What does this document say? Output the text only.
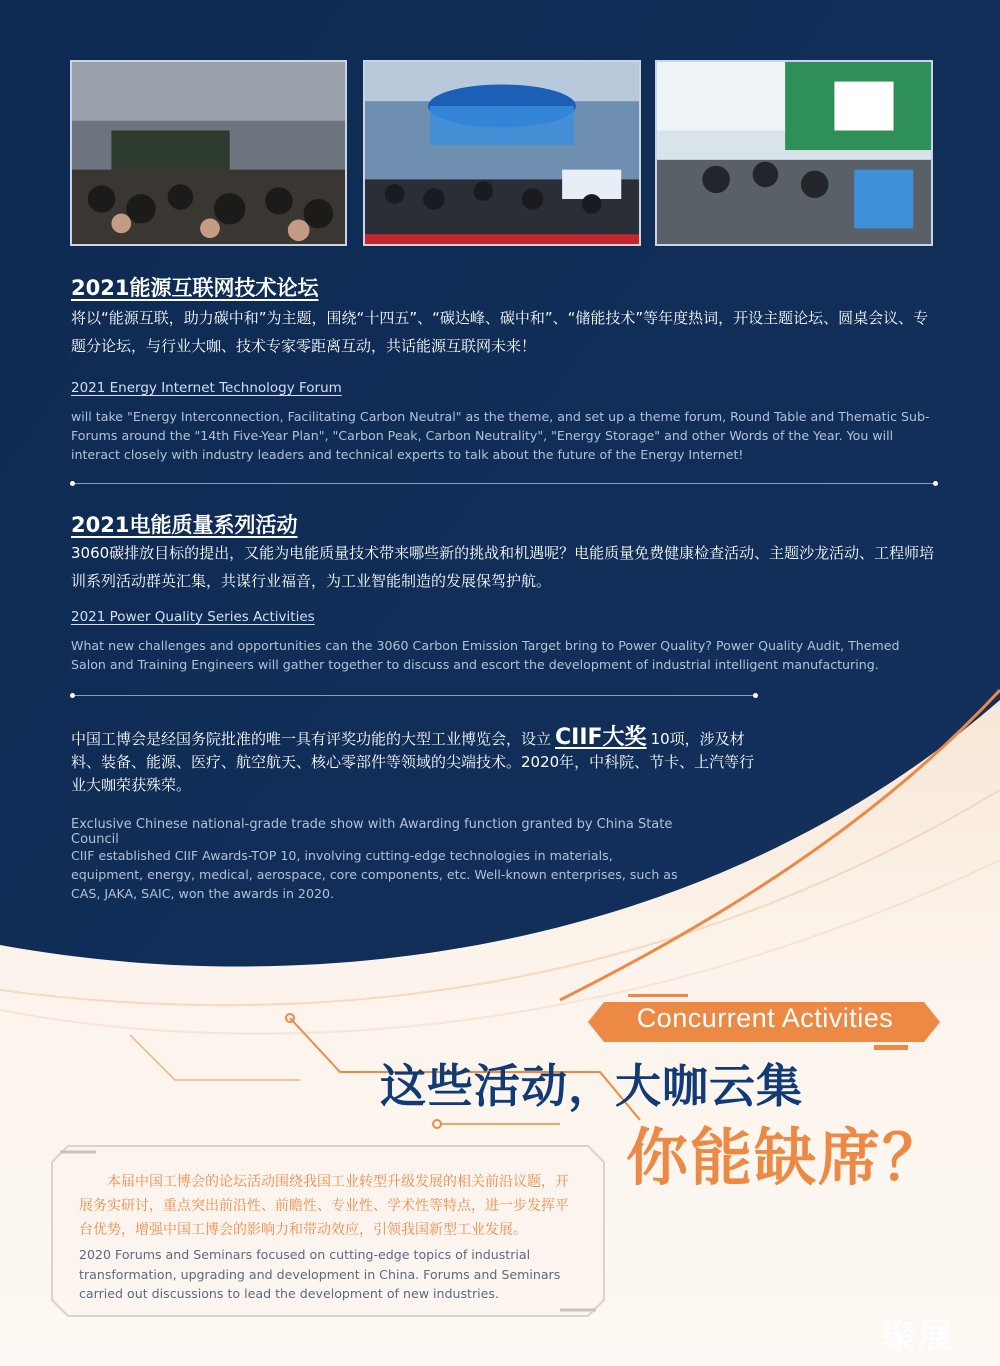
2021能源互联网技术论坛

将以“能源互联，助力碳中和”为主题，围绕“十四五”、“碳达峰、碳中和”、“储能技术”等年度热词，开设主题论坛、圆桌会议、专题分论坛，与行业大咖、技术专家零距离互动，共话能源互联网未来！

2021 Energy Internet Technology Forum

will take "Energy Interconnection, Facilitating Carbon Neutral" as the theme, and set up a theme forum, Round Table and Thematic Sub-Forums around the "14th Five-Year Plan", "Carbon Peak, Carbon Neutrality", "Energy Storage" and other Words of the Year. You will interact closely with industry leaders and technical experts to talk about the future of the Energy Internet!

2021电能质量系列活动

3060碳排放目标的提出，又能为电能质量技术带来哪些新的挑战和机遇呢？电能质量免费健康检查活动、主题沙龙活动、工程师培训系列活动群英汇集，共谋行业福音，为工业智能制造的发展保驾护航。

2021 Power Quality Series Activities

What new challenges and opportunities can the 3060 Carbon Emission Target bring to Power Quality? Power Quality Audit, Themed Salon and Training Engineers will gather together to discuss and escort the development of industrial intelligent manufacturing.

中国工博会是经国务院批准的唯一具有评奖功能的大型工业博览会，设立 CIIF大奖 10项，涉及材料、装备、能源、医疗、航空航天、核心零部件等领域的尖端技术。2020年，中科院、节卡、上汽等行业大咖荣获殊荣。

Exclusive Chinese national-grade trade show with Awarding function granted by China State Council

CIIF established CIIF Awards-TOP 10, involving cutting-edge technologies in materials, equipment, energy, medical, aerospace, core components, etc. Well-known enterprises, such as CAS, JAKA, SAIC, won the awards in 2020.

Concurrent Activities
这些活动，大咖云集
你能缺席？

本届中国工博会的论坛活动围绕我国工业转型升级发展的相关前沿议题，开展务实研讨，重点突出前沿性、前瞻性、专业性、学术性等特点，进一步发挥平台优势，增强中国工博会的影响力和带动效应，引领我国新型工业发展。

2020 Forums and Seminars focused on cutting-edge topics of industrial transformation, upgrading and development in China. Forums and Seminars carried out discussions to lead the development of new industries.

聚展
